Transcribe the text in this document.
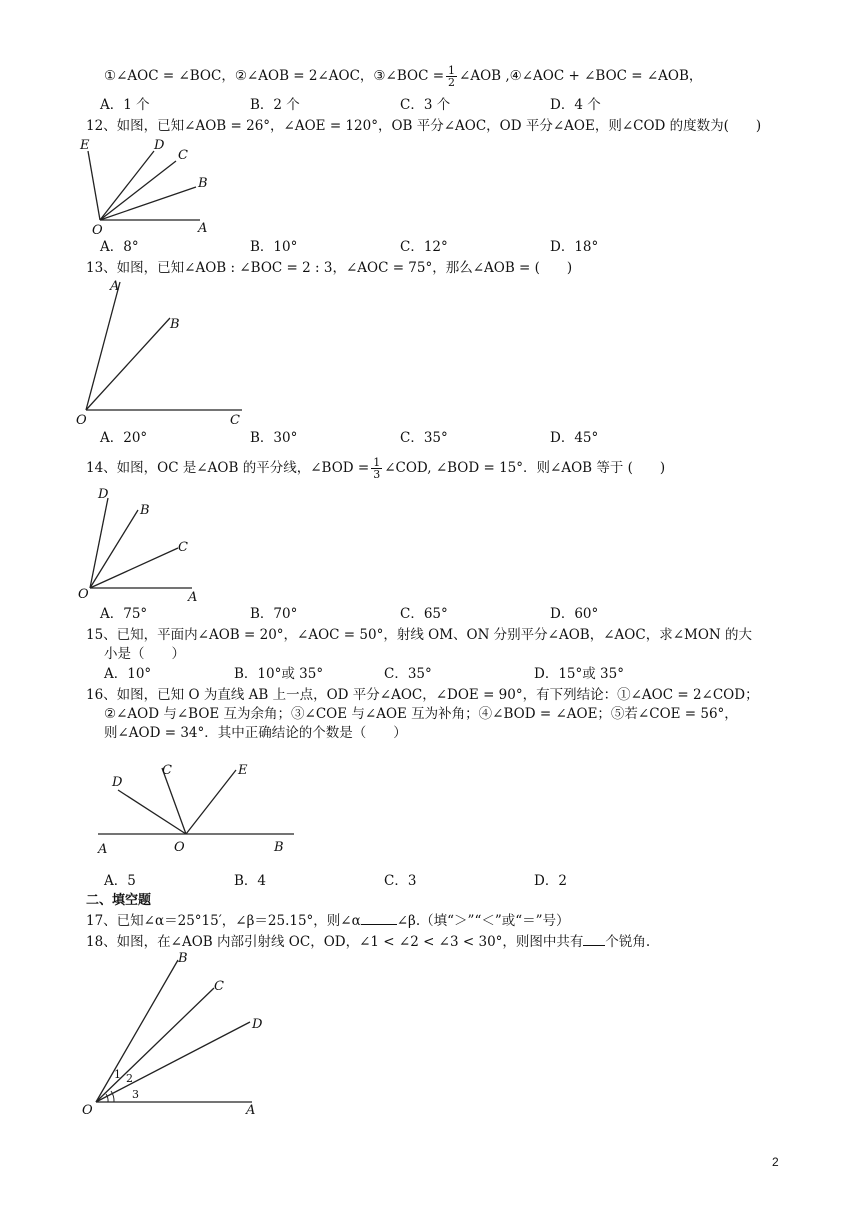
①∠AOC = ∠BOC，②∠AOB = 2∠AOC，③∠BOC = $\frac{1}{2}$ ∠AOB ,④∠AOC + ∠BOC = ∠AOB，
A．1 个	B．2 个	C．3 个	D．4 个
12、如图，已知∠AOB = 26°，∠AOE = 120°，OB 平分∠AOC，OD 平分∠AOE，则∠COD 的度数为(　　)
E	D
C
B
O	A
A．8°	B．10°	C．12°	D．18°
13、如图，已知∠AOB : ∠BOC = 2 : 3，∠AOC = 75°，那么∠AOB = (　　)
A
B
O	C
A．20°	B．30°	C．35°	D．45°
14、如图，OC 是∠AOB 的平分线，∠BOD = $\frac{1}{3}$ ∠COD, ∠BOD = 15°．则∠AOB 等于 (　　)
D
B
C
O	A
A．75°	B．70°	C．65°	D．60°
15、已知，平面内∠AOB = 20°，∠AOC = 50°，射线 OM、ON 分别平分∠AOB，∠AOC，求∠MON 的大
小是（　　）
A．10°	B．10°或 35°	C．35°	D．15°或 35°
16、如图，已知 O 为直线 AB 上一点，OD 平分∠AOC，∠DOE = 90°，有下列结论：①∠AOC = 2∠COD；
②∠AOD 与∠BOE 互为余角；③∠COE 与∠AOE 互为补角；④∠BOD = ∠AOE；⑤若∠COE = 56°，
则∠AOD = 34°．其中正确结论的个数是（　　）
D
C	E
A	O	B
A．5	B．4	C．3	D．2
二、填空题
17、已知∠α＝25°15′，∠β＝25.15°，则∠α	∠β.（填“＞”“＜”或“＝”号）
18、如图，在∠AOB 内部引射线 OC，OD，∠1 < ∠2 < ∠3 < 30°，则图中共有 个锐角.
B
C
D
O	A
1 2
3
2
